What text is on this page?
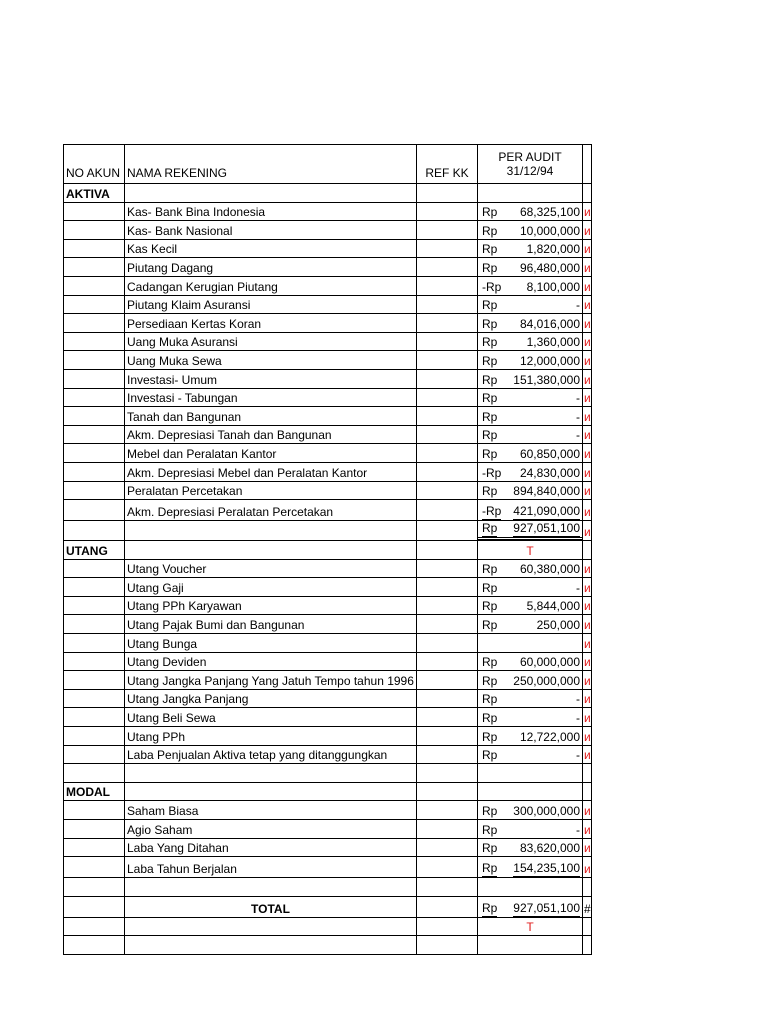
NO AKUN	NAMA REKENING	REF KK	PER AUDIT
31/12/94	

AKTIVA				
	Kas- Bank Bina Indonesia		Rp 68,325,100	и
	Kas- Bank Nasional		Rp 10,000,000	и
	Kas Kecil		Rp 1,820,000	и
	Piutang Dagang		Rp 96,480,000	и
	Cadangan Kerugian Piutang		-Rp 8,100,000	и
	Piutang Klaim Asuransi		Rp -	и
	Persediaan Kertas Koran		Rp 84,016,000	и
	Uang Muka Asuransi		Rp 1,360,000	и
	Uang Muka Sewa		Rp 12,000,000	и
	Investasi- Umum		Rp 151,380,000	и
	Investasi - Tabungan		Rp -	и
	Tanah dan Bangunan		Rp -	и
	Akm. Depresiasi Tanah dan Bangunan		Rp -	и
	Mebel dan Peralatan Kantor		Rp 60,850,000	и
	Akm. Depresiasi Mebel dan Peralatan Kantor		-Rp 24,830,000	и
	Peralatan Percetakan		Rp 894,840,000	и
	Akm. Depresiasi Peralatan Percetakan		-Rp 421,090,000	и

			Rp 927,051,100	и
UTANG			T	

	Utang Voucher		Rp 60,380,000	и
	Utang Gaji		Rp -	и
	Utang PPh Karyawan		Rp 5,844,000	и
	Utang Pajak Bumi dan Bangunan		Rp 250,000	и
	Utang Bunga			и
	Utang Deviden		Rp 60,000,000	и
	Utang Jangka Panjang Yang Jatuh Tempo tahun 1996		Rp 250,000,000	и
	Utang Jangka Panjang		Rp -	и
	Utang Beli Sewa		Rp -	и
	Utang PPh		Rp 12,722,000	и
	Laba Penjualan Aktiva tetap yang ditanggungkan		Rp -	и

MODAL				
	Saham Biasa		Rp 300,000,000	и
	Agio Saham		Rp -	и
	Laba Yang Ditahan		Rp 83,620,000	и
	Laba Tahun Berjalan		Rp 154,235,100	и

	TOTAL		Rp 927,051,100	#

			T	
